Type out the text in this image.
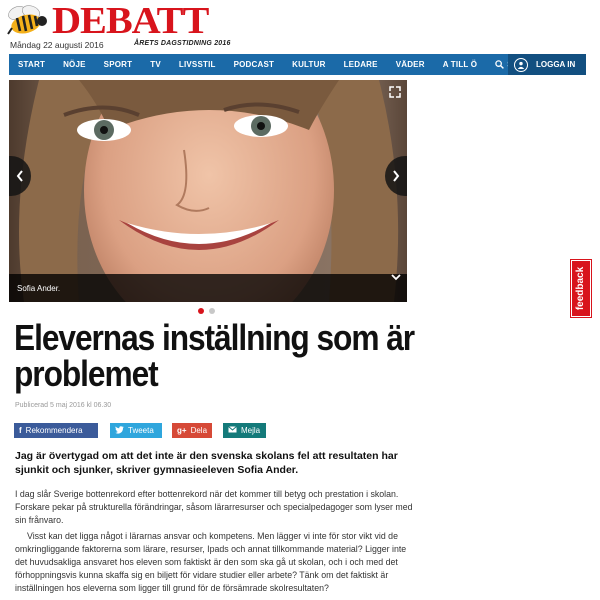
DEBATT
Måndag 22 augusti 2016	ÅRETS DAGSTIDNING 2016
START	NÖJE	SPORT	TV	LIVSSTIL	PODCAST	KULTUR	LEDARE	VÄDER	A TILL Ö	LOGGA IN
Sofia Ander.
Elevernas inställning som är problemet
Publicerad 5 maj 2016 kl 06.30
f Rekommendera	Tweeta	g+ Dela	Mejla

Jag är övertygad om att det inte är den svenska skolans fel att resultaten har sjunkit och sjunker, skriver gymnasieeleven Sofia Ander.

I dag slår Sverige bottenrekord efter bottenrekord när det kommer till betyg och prestation i skolan. Forskare pekar på strukturella förändringar, såsom lärarresurser och specialpedagoger som lyser med sin frånvaro.

Visst kan det ligga något i lärarnas ansvar och kompetens. Men lägger vi inte för stor vikt vid de omkringliggande faktorerna som lärare, resurser, Ipads och annat tillkommande material? Ligger inte det huvudsakliga ansvaret hos eleven som faktiskt är den som ska gå ut skolan, och i och med det förhoppningsvis kunna skaffa sig en biljett för vidare studier eller arbete? Tänk om det faktiskt är inställningen hos eleverna som ligger till grund för de försämrade skolresultaten?

feedback
